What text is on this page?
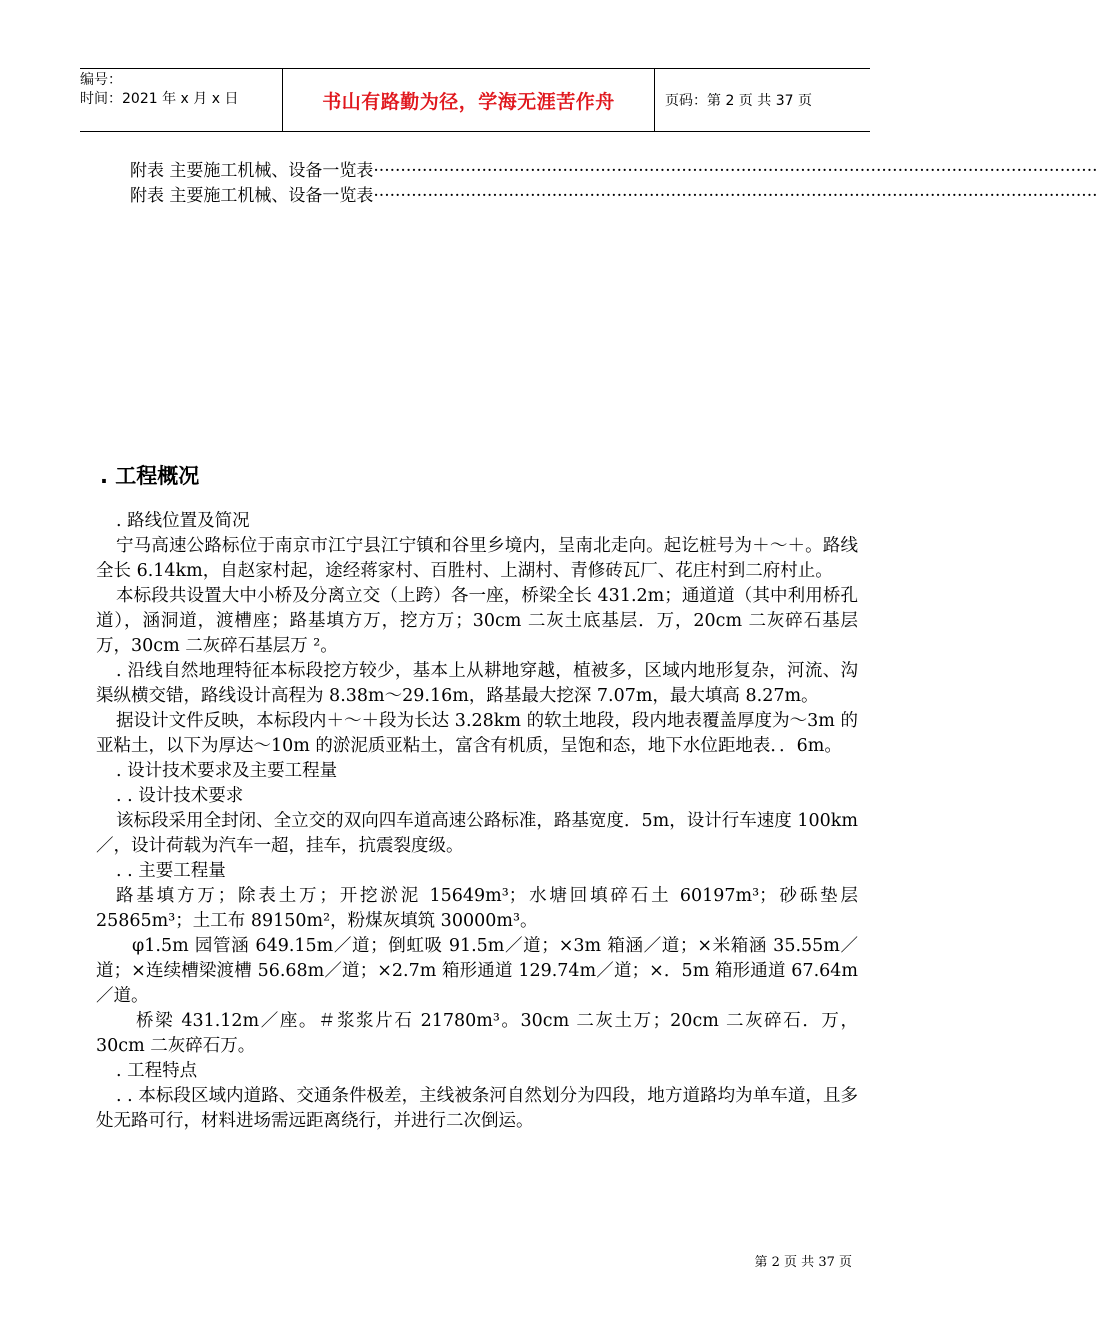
编号：
时间：2021 年 x 月 x 日	书山有路勤为径，学海无涯苦作舟	页码：第 2 页 共 37 页
附表 主要施工机械、设备一览表 ......................................................................................................................................
附表 主要施工机械、设备一览表 ......................................................................................................................................
. 工程概况

. 路线位置及简况

宁马高速公路标位于南京市江宁县江宁镇和谷里乡境内，呈南北走向。起讫桩号为＋～＋。路线全长 6.14km，自赵家村起，途经蒋家村、百胜村、上湖村、青修砖瓦厂、花庄村到二府村止。

本标段共设置大中小桥及分离立交（上跨）各一座，桥梁全长 431.2m；通道道（其中利用桥孔道），涵洞道，渡槽座；路基填方万，挖方万；30cm 二灰土底基层．万，20cm 二灰碎石基层万，30cm 二灰碎石基层万 ²。

. 沿线自然地理特征本标段挖方较少，基本上从耕地穿越，植被多，区域内地形复杂，河流、沟渠纵横交错，路线设计高程为 8.38m～29.16m，路基最大挖深 7.07m，最大填高 8.27m。

据设计文件反映，本标段内＋～＋段为长达 3.28km 的软土地段，段内地表覆盖厚度为～3m 的亚粘土，以下为厚达～10m 的淤泥质亚粘土，富含有机质，呈饱和态，地下水位距地表．．6m。

. 设计技术要求及主要工程量

. . 设计技术要求

该标段采用全封闭、全立交的双向四车道高速公路标准，路基宽度．5m，设计行车速度 100km／，设计荷载为汽车一超，挂车，抗震裂度级。

. . 主要工程量

路基填方万；除表土万；开挖淤泥 15649m³；水塘回填碎石土 60197m³；砂砾垫层 25865m³；土工布 89150m²，粉煤灰填筑 30000m³。

φ1.5m 园管涵 649.15m／道；倒虹吸 91.5m／道；×3m 箱涵／道；×米箱涵 35.55m／道；×连续槽梁渡槽 56.68m／道；×2.7m 箱形通道 129.74m／道；×．5m 箱形通道 67.64m／道。

桥梁 431.12m／座。＃浆浆片石 21780m³。30cm 二灰土万；20cm 二灰碎石．万，30cm 二灰碎石万。

. 工程特点

. . 本标段区域内道路、交通条件极差，主线被条河自然划分为四段，地方道路均为单车道，且多处无路可行，材料进场需远距离绕行，并进行二次倒运。

第 2 页 共 37 页
